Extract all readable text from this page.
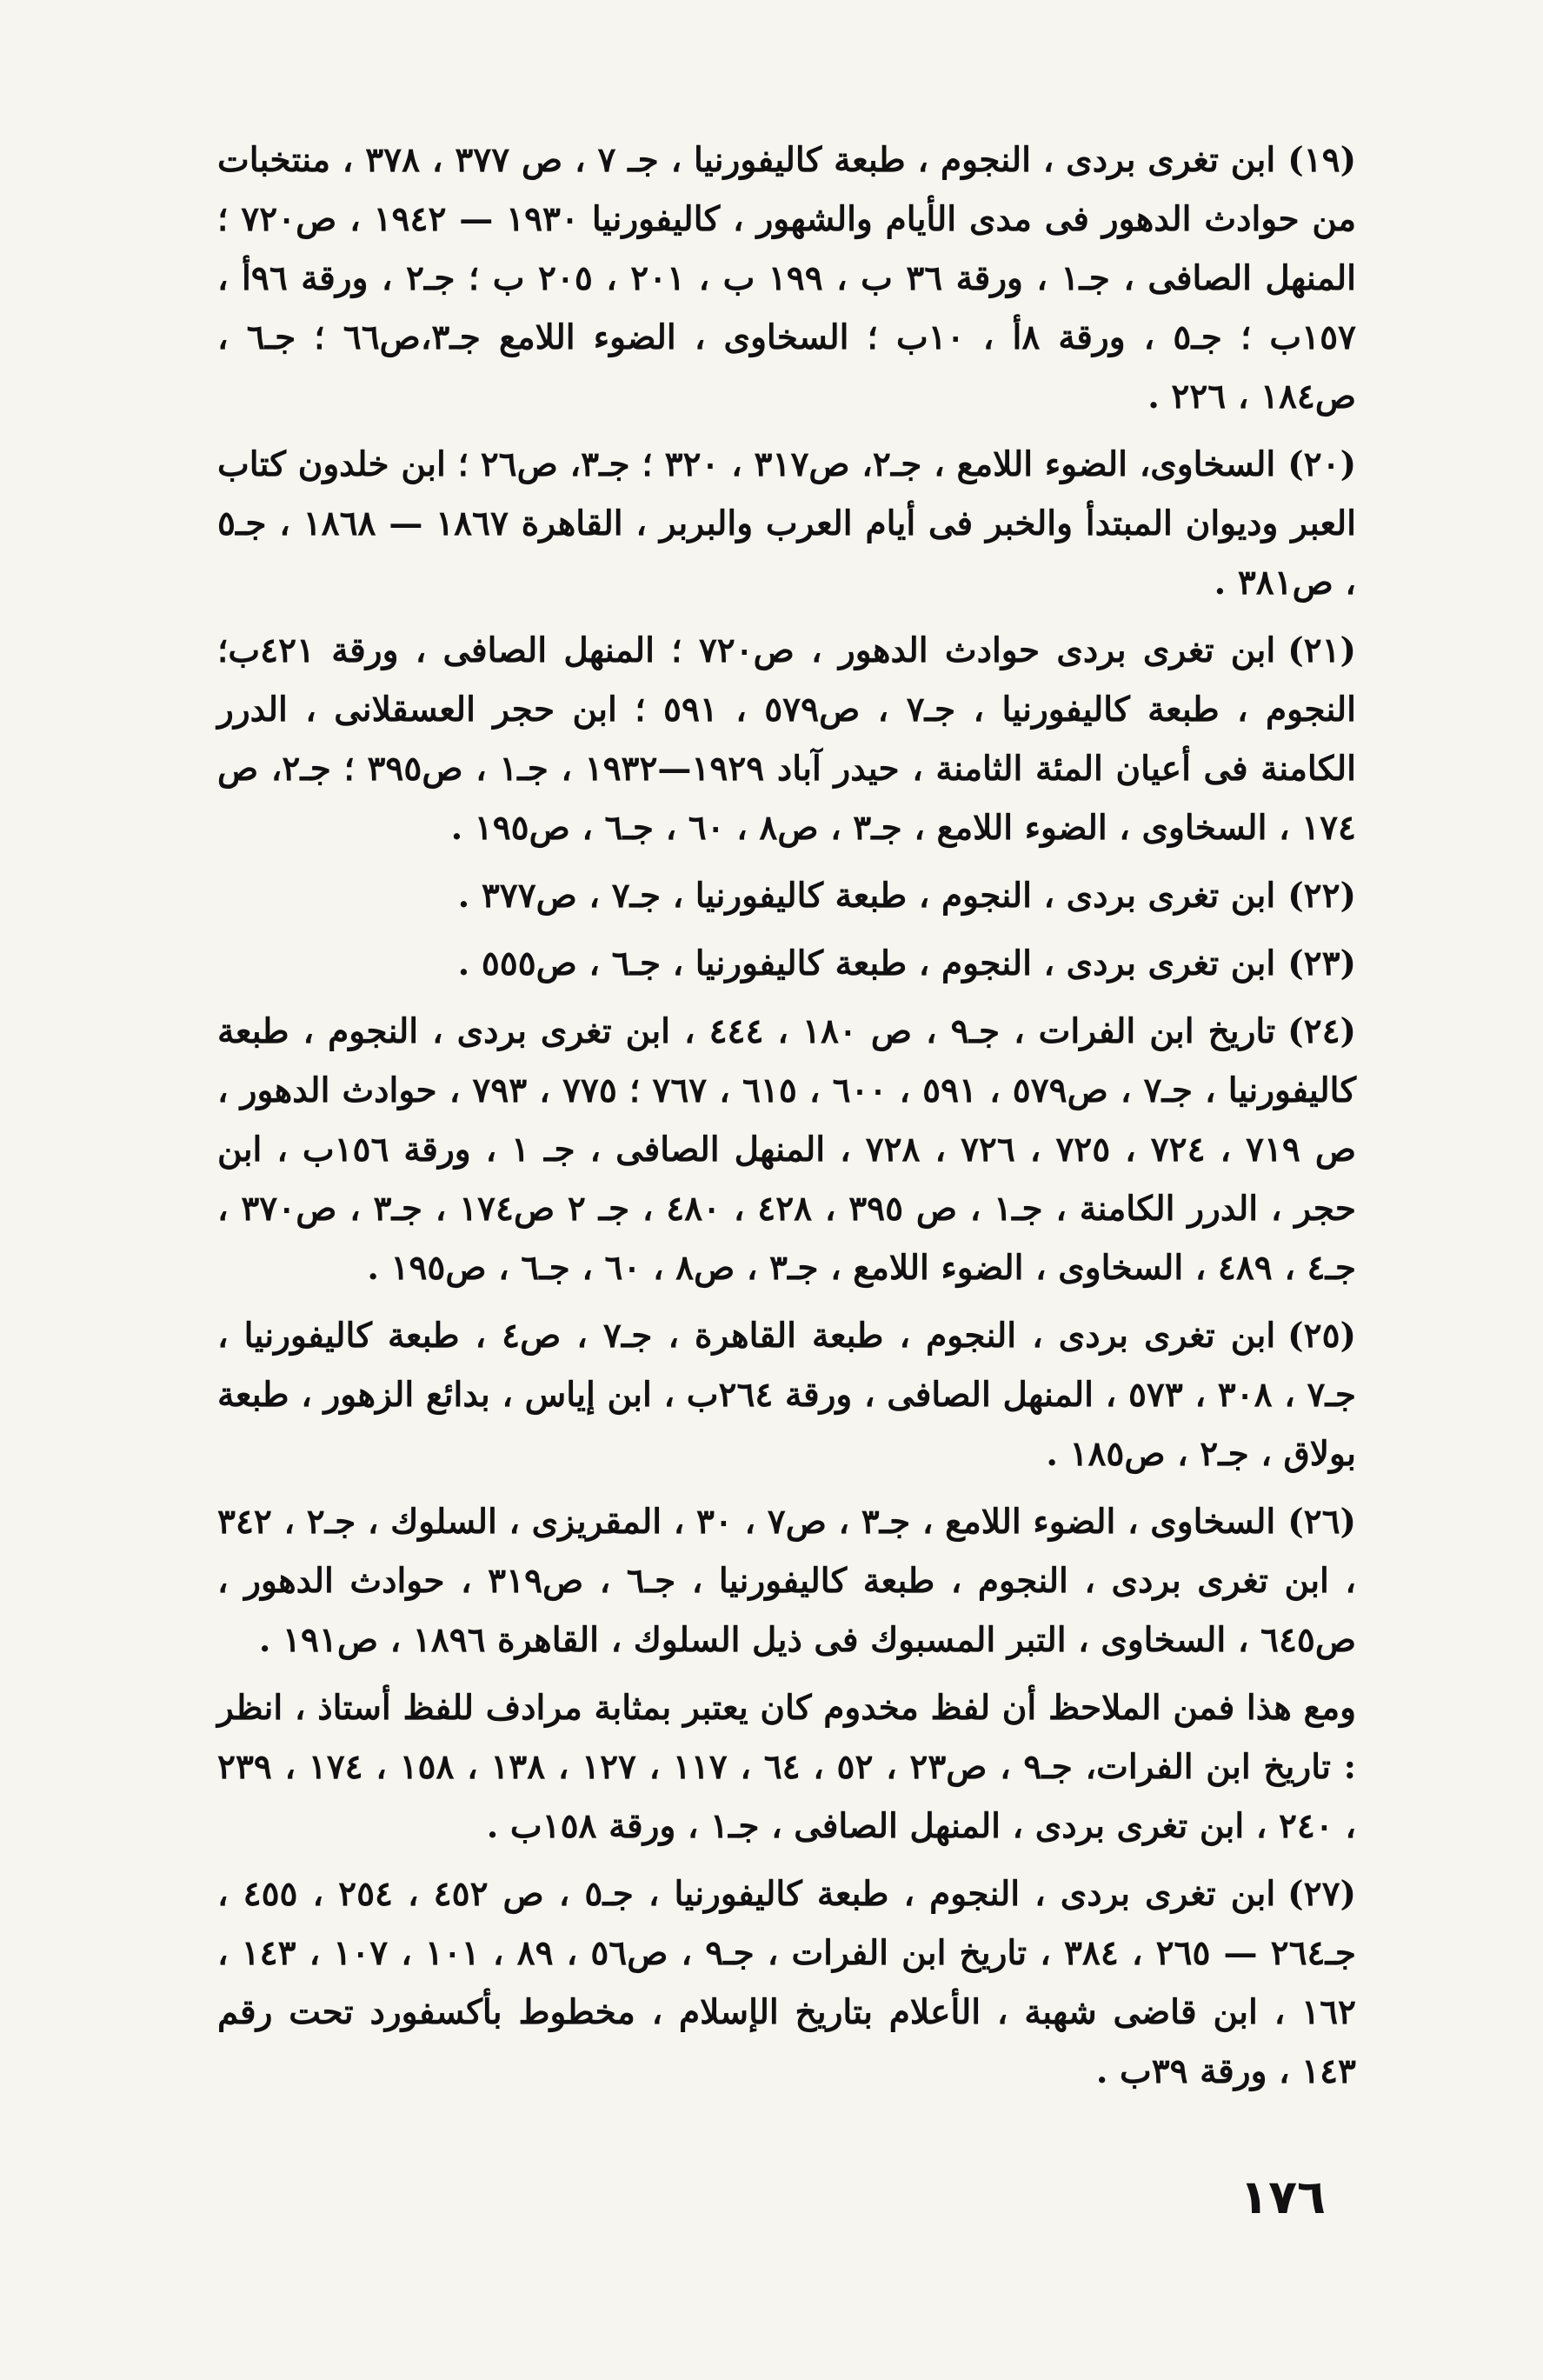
(١٩)ابن تغرى بردى ، النجوم ، طبعة كاليفورنيا ، جـ ٧ ، ص ٣٧٧ ، ٣٧٨ ، منتخبات من حوادث الدهور فى مدى الأيام والشهور ، كاليفورنيا ١٩٣٠ — ١٩٤٢ ، ص٧٢٠ ؛ المنهل الصافى ، جـ١ ، ورقة ٣٦ ب ، ١٩٩ ب ، ٢٠١ ، ٢٠٥ ب ؛ جـ٢ ، ورقة ٩٦أ ، ١٥٧ب ؛ جـ٥ ، ورقة ٨أ ، ١٠ب ؛ السخاوى ، الضوء اللامع جـ٣،ص٦٦ ؛ جـ٦ ، ص١٨٤ ، ٢٢٦ .

(٢٠)السخاوى، الضوء اللامع ، جـ٢، ص٣١٧ ، ٣٢٠ ؛ جـ٣، ص٢٦ ؛ ابن خلدون كتاب العبر وديوان المبتدأ والخبر فى أيام العرب والبربر ، القاهرة ١٨٦٧ — ١٨٦٨ ، جـ٥ ، ص٣٨١ .

(٢١)ابن تغرى بردى حوادث الدهور ، ص٧٢٠ ؛ المنهل الصافى ، ورقة ٤٢١ب؛ النجوم ، طبعة كاليفورنيا ، جـ٧ ، ص٥٧٩ ، ٥٩١ ؛ ابن حجر العسقلانى ، الدرر الكامنة فى أعيان المئة الثامنة ، حيدر آباد ١٩٢٩—١٩٣٢ ، جـ١ ، ص٣٩٥ ؛ جـ٢، ص ١٧٤ ، السخاوى ، الضوء اللامع ، جـ٣ ، ص٨ ، ٦٠ ، جـ٦ ، ص١٩٥ .

(٢٢)ابن تغرى بردى ، النجوم ، طبعة كاليفورنيا ، جـ٧ ، ص٣٧٧ .

(٢٣)ابن تغرى بردى ، النجوم ، طبعة كاليفورنيا ، جـ٦ ، ص٥٥٥ .

(٢٤)تاريخ ابن الفرات ، جـ٩ ، ص ١٨٠ ، ٤٤٤ ، ابن تغرى بردى ، النجوم ، طبعة كاليفورنيا ، جـ٧ ، ص٥٧٩ ، ٥٩١ ، ٦٠٠ ، ٦١٥ ، ٧٦٧ ؛ ٧٧٥ ، ٧٩٣ ، حوادث الدهور ، ص ٧١٩ ، ٧٢٤ ، ٧٢٥ ، ٧٢٦ ، ٧٢٨ ، المنهل الصافى ، جـ ١ ، ورقة ١٥٦ب ، ابن حجر ، الدرر الكامنة ، جـ١ ، ص ٣٩٥ ، ٤٢٨ ، ٤٨٠ ، جـ ٢ ص١٧٤ ، جـ٣ ، ص٣٧٠ ، جـ٤ ، ٤٨٩ ، السخاوى ، الضوء اللامع ، جـ٣ ، ص٨ ، ٦٠ ، جـ٦ ، ص١٩٥ .

(٢٥)ابن تغرى بردى ، النجوم ، طبعة القاهرة ، جـ٧ ، ص٤ ، طبعة كاليفورنيا ، جـ٧ ، ٣٠٨ ، ٥٧٣ ، المنهل الصافى ، ورقة ٢٦٤ب ، ابن إياس ، بدائع الزهور ، طبعة بولاق ، جـ٢ ، ص١٨٥ .

(٢٦)السخاوى ، الضوء اللامع ، جـ٣ ، ص٧ ، ٣٠ ، المقريزى ، السلوك ، جـ٢ ، ٣٤٢ ، ابن تغرى بردى ، النجوم ، طبعة كاليفورنيا ، جـ٦ ، ص٣١٩ ، حوادث الدهور ، ص٦٤٥ ، السخاوى ، التبر المسبوك فى ذيل السلوك ، القاهرة ١٨٩٦ ، ص١٩١ .

ومع هذا فمن الملاحظ أن لفظ مخدوم كان يعتبر بمثابة مرادف للفظ أستاذ ، انظر : تاريخ ابن الفرات، جـ٩ ، ص٢٣ ، ٥٢ ، ٦٤ ، ١١٧ ، ١٢٧ ، ١٣٨ ، ١٥٨ ، ١٧٤ ، ٢٣٩ ، ٢٤٠ ، ابن تغرى بردى ، المنهل الصافى ، جـ١ ، ورقة ١٥٨ب .

(٢٧)ابن تغرى بردى ، النجوم ، طبعة كاليفورنيا ، جـ٥ ، ص ٤٥٢ ، ٢٥٤ ، ٤٥٥ ، جـ٢٦٤ — ٢٦٥ ، ٣٨٤ ، تاريخ ابن الفرات ، جـ٩ ، ص٥٦ ، ٨٩ ، ١٠١ ، ١٠٧ ، ١٤٣ ، ١٦٢ ، ابن قاضى شهبة ، الأعلام بتاريخ الإسلام ، مخطوط بأكسفورد تحت رقم ١٤٣ ، ورقة ٣٩ب .

١٧٦
